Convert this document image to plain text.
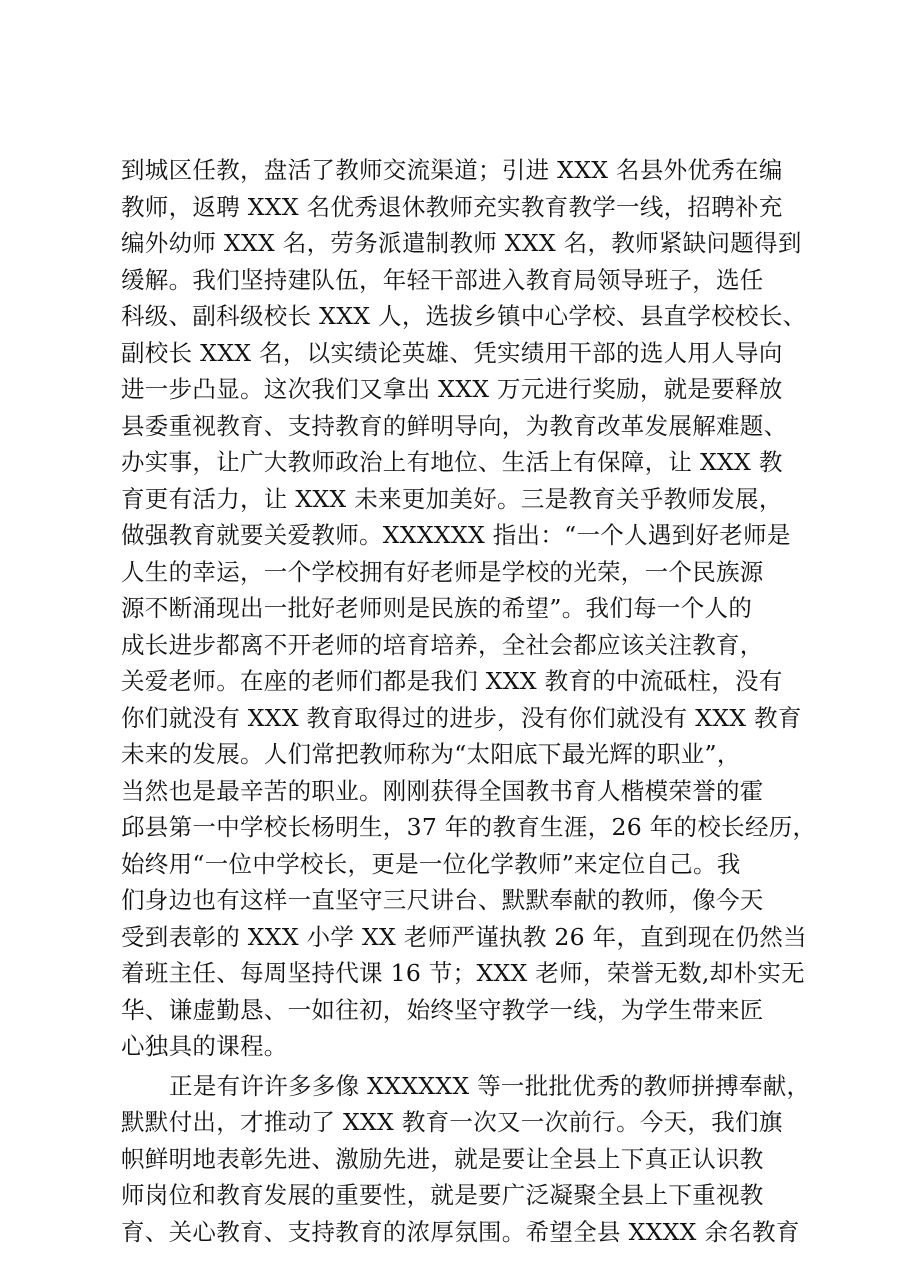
到城区任教，盘活了教师交流渠道；引进 XXX 名县外优秀在编
教师，返聘 XXX 名优秀退休教师充实教育教学一线，招聘补充
编外幼师 XXX 名，劳务派遣制教师 XXX 名，教师紧缺问题得到
缓解。我们坚持建队伍，年轻干部进入教育局领导班子，选任
科级、副科级校长 XXX 人，选拔乡镇中心学校、县直学校校长、
副校长 XXX 名，以实绩论英雄、凭实绩用干部的选人用人导向
进一步凸显。这次我们又拿出 XXX 万元进行奖励，就是要释放
县委重视教育、支持教育的鲜明导向，为教育改革发展解难题、
办实事，让广大教师政治上有地位、生活上有保障，让 XXX 教
育更有活力，让 XXX 未来更加美好。三是教育关乎教师发展，
做强教育就要关爱教师。XXXXXX 指出：“一个人遇到好老师是
人生的幸运，一个学校拥有好老师是学校的光荣，一个民族源
源不断涌现出一批好老师则是民族的希望”。我们每一个人的
成长进步都离不开老师的培育培养，全社会都应该关注教育，
关爱老师。在座的老师们都是我们 XXX 教育的中流砥柱，没有
你们就没有 XXX 教育取得过的进步，没有你们就没有 XXX 教育
未来的发展。人们常把教师称为“太阳底下最光辉的职业”，
当然也是最辛苦的职业。刚刚获得全国教书育人楷模荣誉的霍
邱县第一中学校长杨明生，37 年的教育生涯，26 年的校长经历，
始终用“一位中学校长，更是一位化学教师”来定位自己。我
们身边也有这样一直坚守三尺讲台、默默奉献的教师，像今天
受到表彰的 XXX 小学 XX 老师严谨执教 26 年，直到现在仍然当
着班主任、每周坚持代课 16 节；XXX 老师，荣誉无数,却朴实无
华、谦虚勤恳、一如往初，始终坚守教学一线，为学生带来匠
心独具的课程。
正是有许许多多像 XXXXXX 等一批批优秀的教师拼搏奉献，
默默付出，才推动了 XXX 教育一次又一次前行。今天，我们旗
帜鲜明地表彰先进、激励先进，就是要让全县上下真正认识教
师岗位和教育发展的重要性，就是要广泛凝聚全县上下重视教
育、关心教育、支持教育的浓厚氛围。希望全县 XXXX 余名教育
